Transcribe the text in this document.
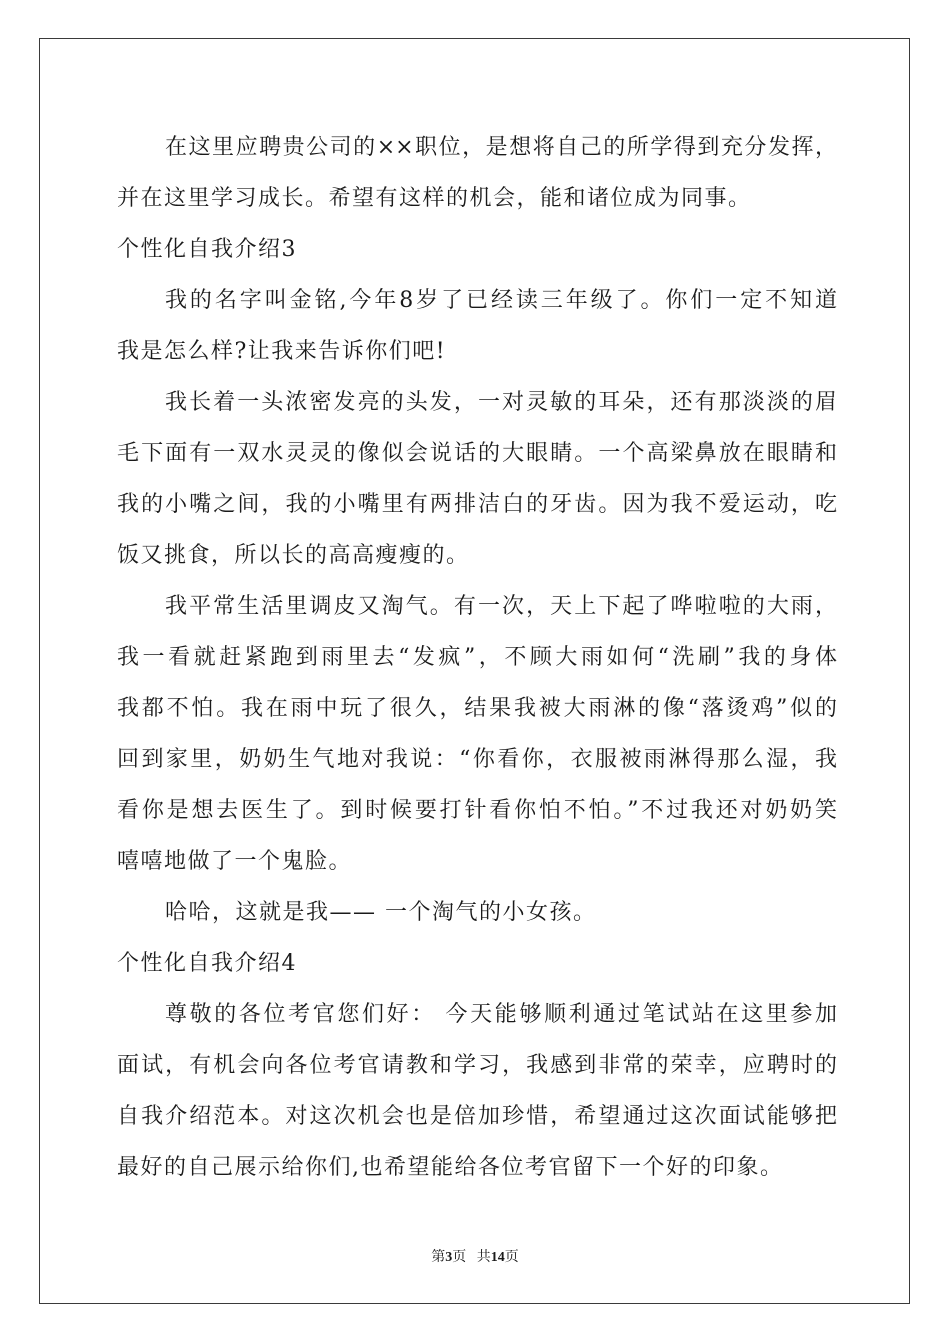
在这里应聘贵公司的××职位，是想将自己的所学得到充分发挥，
并在这里学习成长。希望有这样的机会，能和诸位成为同事。
个性化自我介绍3
我的名字叫金铭,今年8岁了已经读三年级了。你们一定不知道
我是怎么样?让我来告诉你们吧!
我长着一头浓密发亮的头发，一对灵敏的耳朵，还有那淡淡的眉
毛下面有一双水灵灵的像似会说话的大眼睛。一个高梁鼻放在眼睛和
我的小嘴之间，我的小嘴里有两排洁白的牙齿。因为我不爱运动，吃
饭又挑食，所以长的高高瘦瘦的。
我平常生活里调皮又淘气。有一次，天上下起了哗啦啦的大雨，
我一看就赶紧跑到雨里去“发疯”，不顾大雨如何“洗刷”我的身体
我都不怕。我在雨中玩了很久，结果我被大雨淋的像“落烫鸡”似的
回到家里，奶奶生气地对我说：“你看你，衣服被雨淋得那么湿，我
看你是想去医生了。到时候要打针看你怕不怕。”不过我还对奶奶笑
嘻嘻地做了一个鬼脸。
哈哈，这就是我—— 一个淘气的小女孩。
个性化自我介绍4
尊敬的各位考官您们好： 今天能够顺利通过笔试站在这里参加
面试，有机会向各位考官请教和学习，我感到非常的荣幸，应聘时的
自我介绍范本。对这次机会也是倍加珍惜，希望通过这次面试能够把
最好的自己展示给你们,也希望能给各位考官留下一个好的印象。
第3页 共14页
